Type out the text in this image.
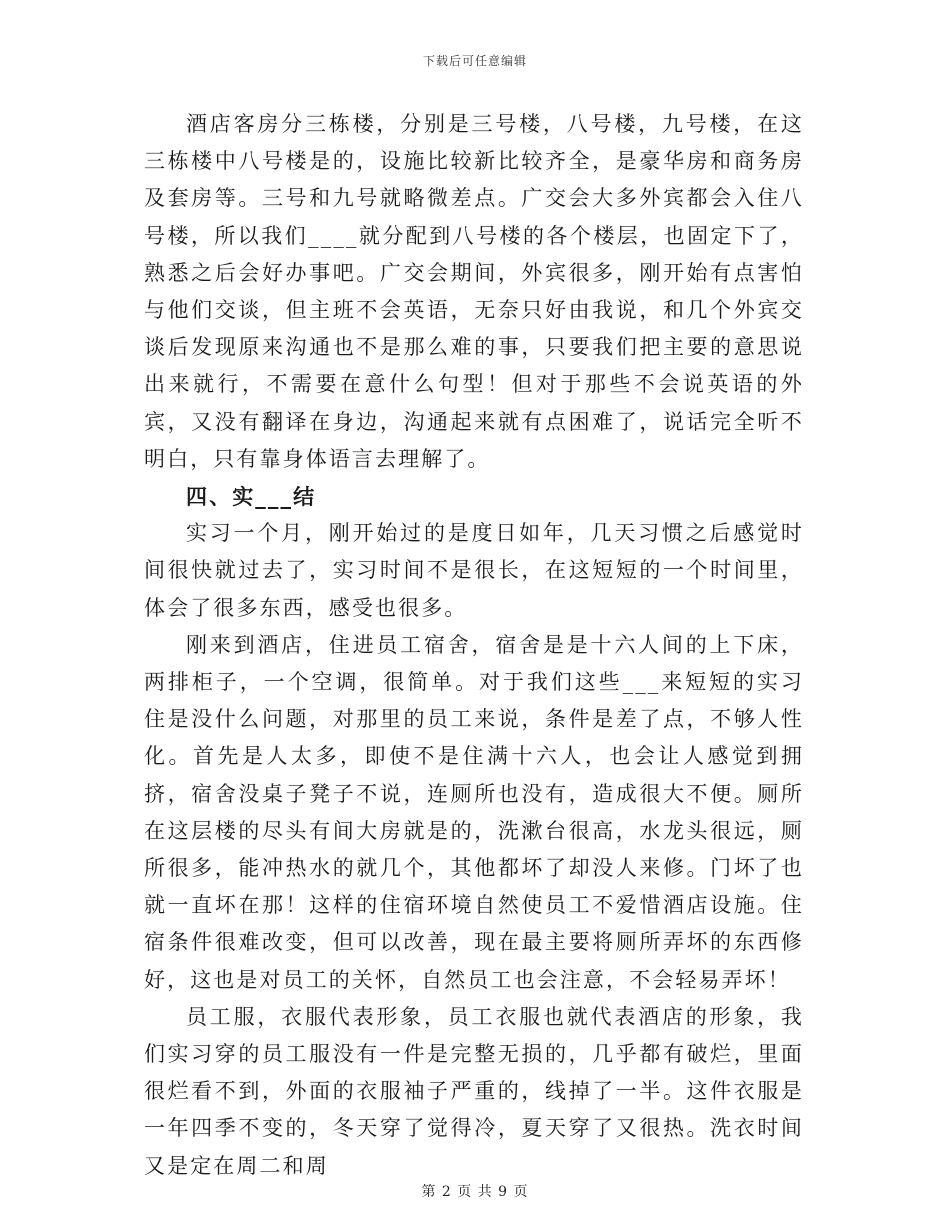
下载后可任意编辑

酒店客房分三栋楼，分别是三号楼，八号楼，九号楼，在这三栋楼中八号楼是的，设施比较新比较齐全，是豪华房和商务房及套房等。三号和九号就略微差点。广交会大多外宾都会入住八号楼，所以我们____就分配到八号楼的各个楼层，也固定下了，熟悉之后会好办事吧。广交会期间，外宾很多，刚开始有点害怕与他们交谈，但主班不会英语，无奈只好由我说，和几个外宾交谈后发现原来沟通也不是那么难的事，只要我们把主要的意思说出来就行，不需要在意什么句型！但对于那些不会说英语的外宾，又没有翻译在身边，沟通起来就有点困难了，说话完全听不明白，只有靠身体语言去理解了。

四、实___结

实习一个月，刚开始过的是度日如年，几天习惯之后感觉时间很快就过去了，实习时间不是很长，在这短短的一个时间里，体会了很多东西，感受也很多。

刚来到酒店，住进员工宿舍，宿舍是是十六人间的上下床，两排柜子，一个空调，很简单。对于我们这些___来短短的实习住是没什么问题，对那里的员工来说，条件是差了点，不够人性化。首先是人太多，即使不是住满十六人，也会让人感觉到拥挤，宿舍没桌子凳子不说，连厕所也没有，造成很大不便。厕所在这层楼的尽头有间大房就是的，洗漱台很高，水龙头很远，厕所很多，能冲热水的就几个，其他都坏了却没人来修。门坏了也就一直坏在那！这样的住宿环境自然使员工不爱惜酒店设施。住宿条件很难改变，但可以改善，现在最主要将厕所弄坏的东西修好，这也是对员工的关怀，自然员工也会注意，不会轻易弄坏！

员工服，衣服代表形象，员工衣服也就代表酒店的形象，我们实习穿的员工服没有一件是完整无损的，几乎都有破烂，里面很烂看不到，外面的衣服袖子严重的，线掉了一半。这件衣服是一年四季不变的，冬天穿了觉得冷，夏天穿了又很热。洗衣时间又是定在周二和周

第 2 页 共 9 页
